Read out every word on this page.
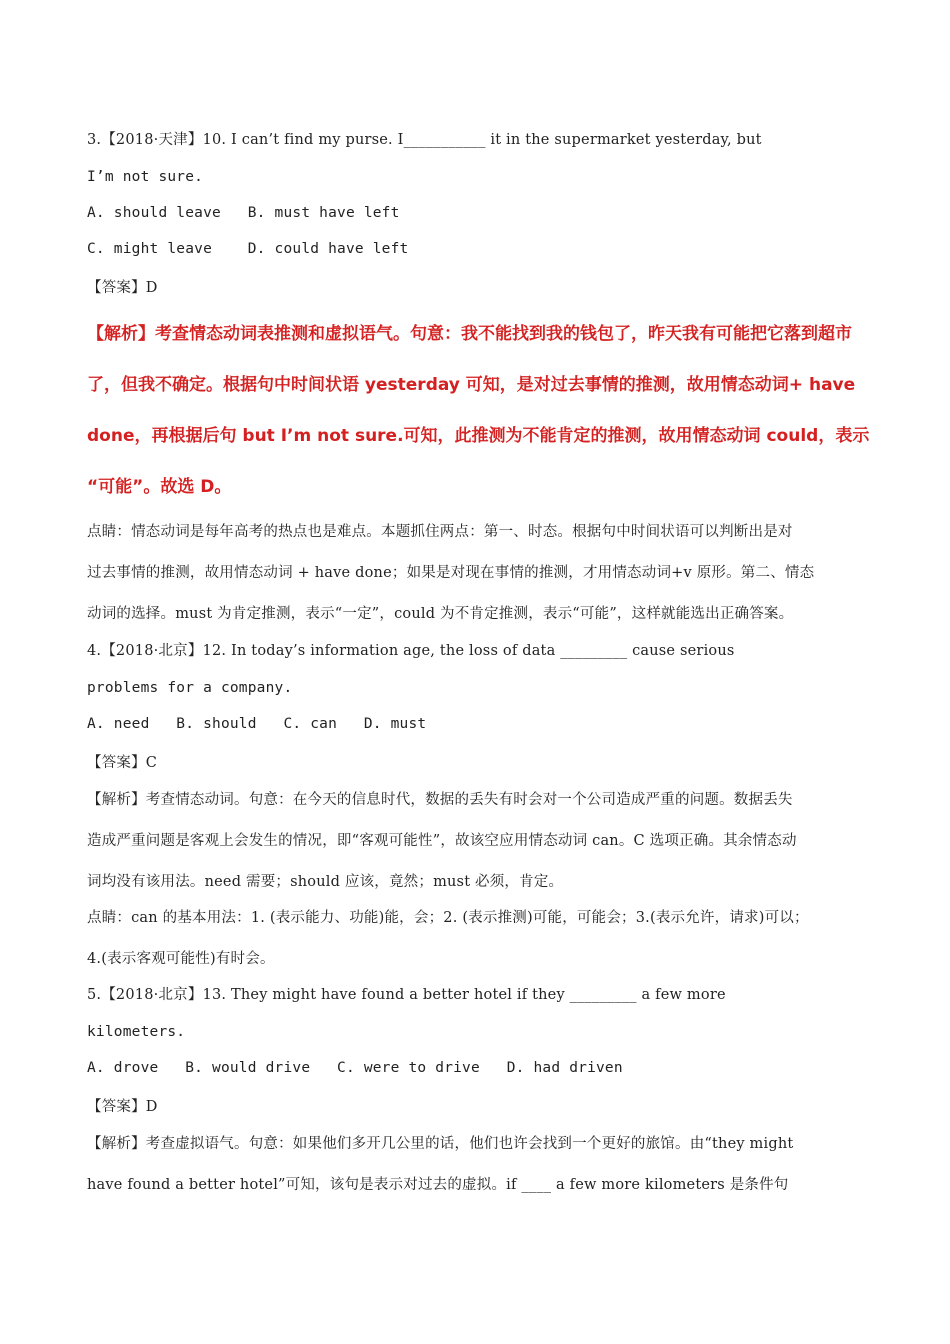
3.【2018·天津】10. I can’t find my purse. I___________ it in the supermarket yesterday, but
I’m not sure.
A. should leave   B. must have left
C. might leave    D. could have left
【答案】D
【解析】考查情态动词表推测和虚拟语气。句意：我不能找到我的钱包了，昨天我有可能把它落到超市
了，但我不确定。根据句中时间状语 yesterday 可知，是对过去事情的推测，故用情态动词+ have
done，再根据后句 but I’m not sure.可知，此推测为不能肯定的推测，故用情态动词 could，表示
“可能”。故选 D。
点睛：情态动词是每年高考的热点也是难点。本题抓住两点：第一、时态。根据句中时间状语可以判断出是对
过去事情的推测，故用情态动词 + have done；如果是对现在事情的推测，才用情态动词+v 原形。第二、情态
动词的选择。must 为肯定推测，表示“一定”，could 为不肯定推测，表示“可能”，这样就能选出正确答案。
4.【2018·北京】12. In today’s information age, the loss of data _________ cause serious
problems for a company.
A. need   B. should   C. can   D. must
【答案】C
【解析】考查情态动词。句意：在今天的信息时代，数据的丢失有时会对一个公司造成严重的问题。数据丢失
造成严重问题是客观上会发生的情况，即“客观可能性”，故该空应用情态动词 can。C 选项正确。其余情态动
词均没有该用法。need 需要；should 应该，竟然；must 必须，肯定。
点睛：can 的基本用法：1. (表示能力、功能)能，会；2. (表示推测)可能，可能会；3.(表示允许，请求)可以；
4.(表示客观可能性)有时会。
5.【2018·北京】13. They might have found a better hotel if they _________ a few more
kilometers.
A. drove   B. would drive   C. were to drive   D. had driven
【答案】D
【解析】考查虚拟语气。句意：如果他们多开几公里的话，他们也许会找到一个更好的旅馆。由“they might
have found a better hotel”可知，该句是表示对过去的虚拟。if ____ a few more kilometers 是条件句
